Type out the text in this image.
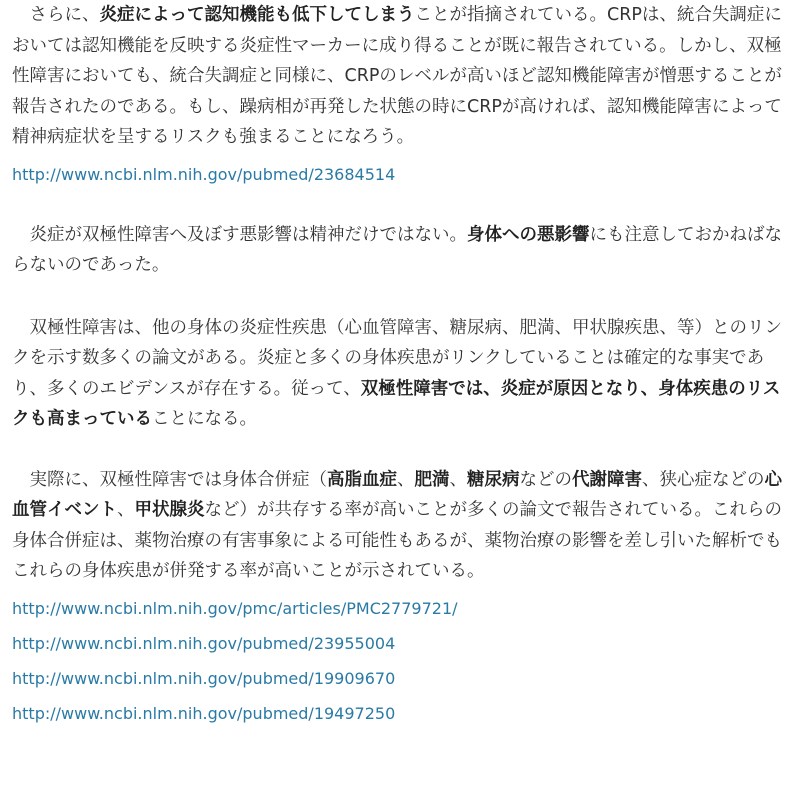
　さらに、炎症によって認知機能も低下してしまうことが指摘されている。CRPは、統合失調症においては認知機能を反映する炎症性マーカーに成り得ることが既に報告されている。しかし、双極性障害においても、統合失調症と同様に、CRPのレベルが高いほど認知機能障害が憎悪することが報告されたのである。もし、躁病相が再発した状態の時にCRPが高ければ、認知機能障害によって精神病症状を呈するリスクも強まることになろう。

http://www.ncbi.nlm.nih.gov/pubmed/23684514

　炎症が双極性障害へ及ぼす悪影響は精神だけではない。身体への悪影響にも注意しておかねばならないのであった。

　双極性障害は、他の身体の炎症性疾患（心血管障害、糖尿病、肥満、甲状腺疾患、等）とのリンクを示す数多くの論文がある。炎症と多くの身体疾患がリンクしていることは確定的な事実であり、多くのエビデンスが存在する。従って、双極性障害では、炎症が原因となり、身体疾患のリスクも高まっていることになる。

　実際に、双極性障害では身体合併症（高脂血症、肥満、糖尿病などの代謝障害、狭心症などの心血管イベント、甲状腺炎など）が共存する率が高いことが多くの論文で報告されている。これらの身体合併症は、薬物治療の有害事象による可能性もあるが、薬物治療の影響を差し引いた解析でもこれらの身体疾患が併発する率が高いことが示されている。

http://www.ncbi.nlm.nih.gov/pmc/articles/PMC2779721/
http://www.ncbi.nlm.nih.gov/pubmed/23955004
http://www.ncbi.nlm.nih.gov/pubmed/19909670
http://www.ncbi.nlm.nih.gov/pubmed/19497250
